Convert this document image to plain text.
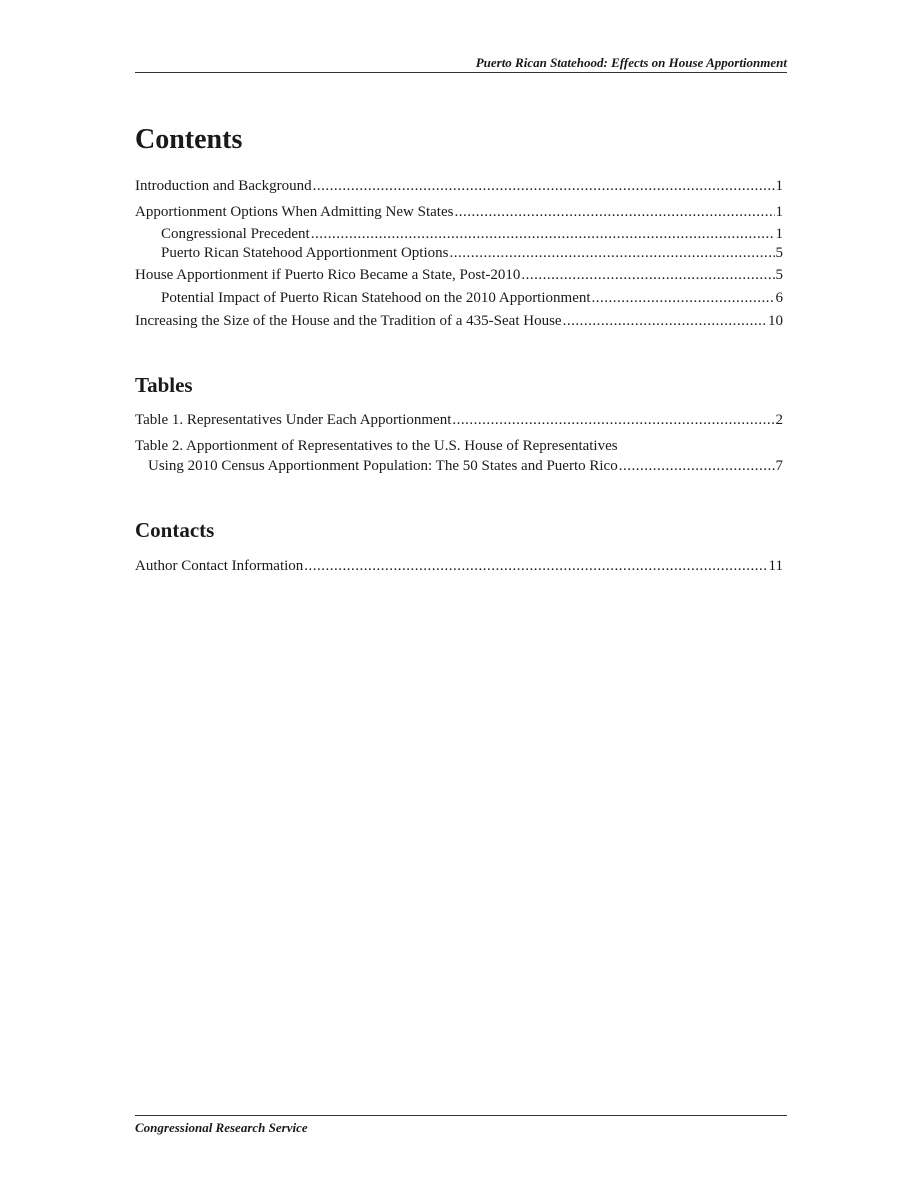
Puerto Rican Statehood: Effects on House Apportionment
Contents
Introduction and Background .....	1
Apportionment Options When Admitting New States .....	1
Congressional Precedent .....	1
Puerto Rican Statehood Apportionment Options .....	5
House Apportionment if Puerto Rico Became a State, Post-2010 .....	5
Potential Impact of Puerto Rican Statehood on the 2010 Apportionment .....	6
Increasing the Size of the House and the Tradition of a 435-Seat House .....	10
Tables
Table 1. Representatives Under Each Apportionment .....	2
Table 2. Apportionment of Representatives to the U.S. House of Representatives
Using 2010 Census Apportionment Population: The 50 States and Puerto Rico .....	7
Contacts
Author Contact Information .....	11
Congressional Research Service
